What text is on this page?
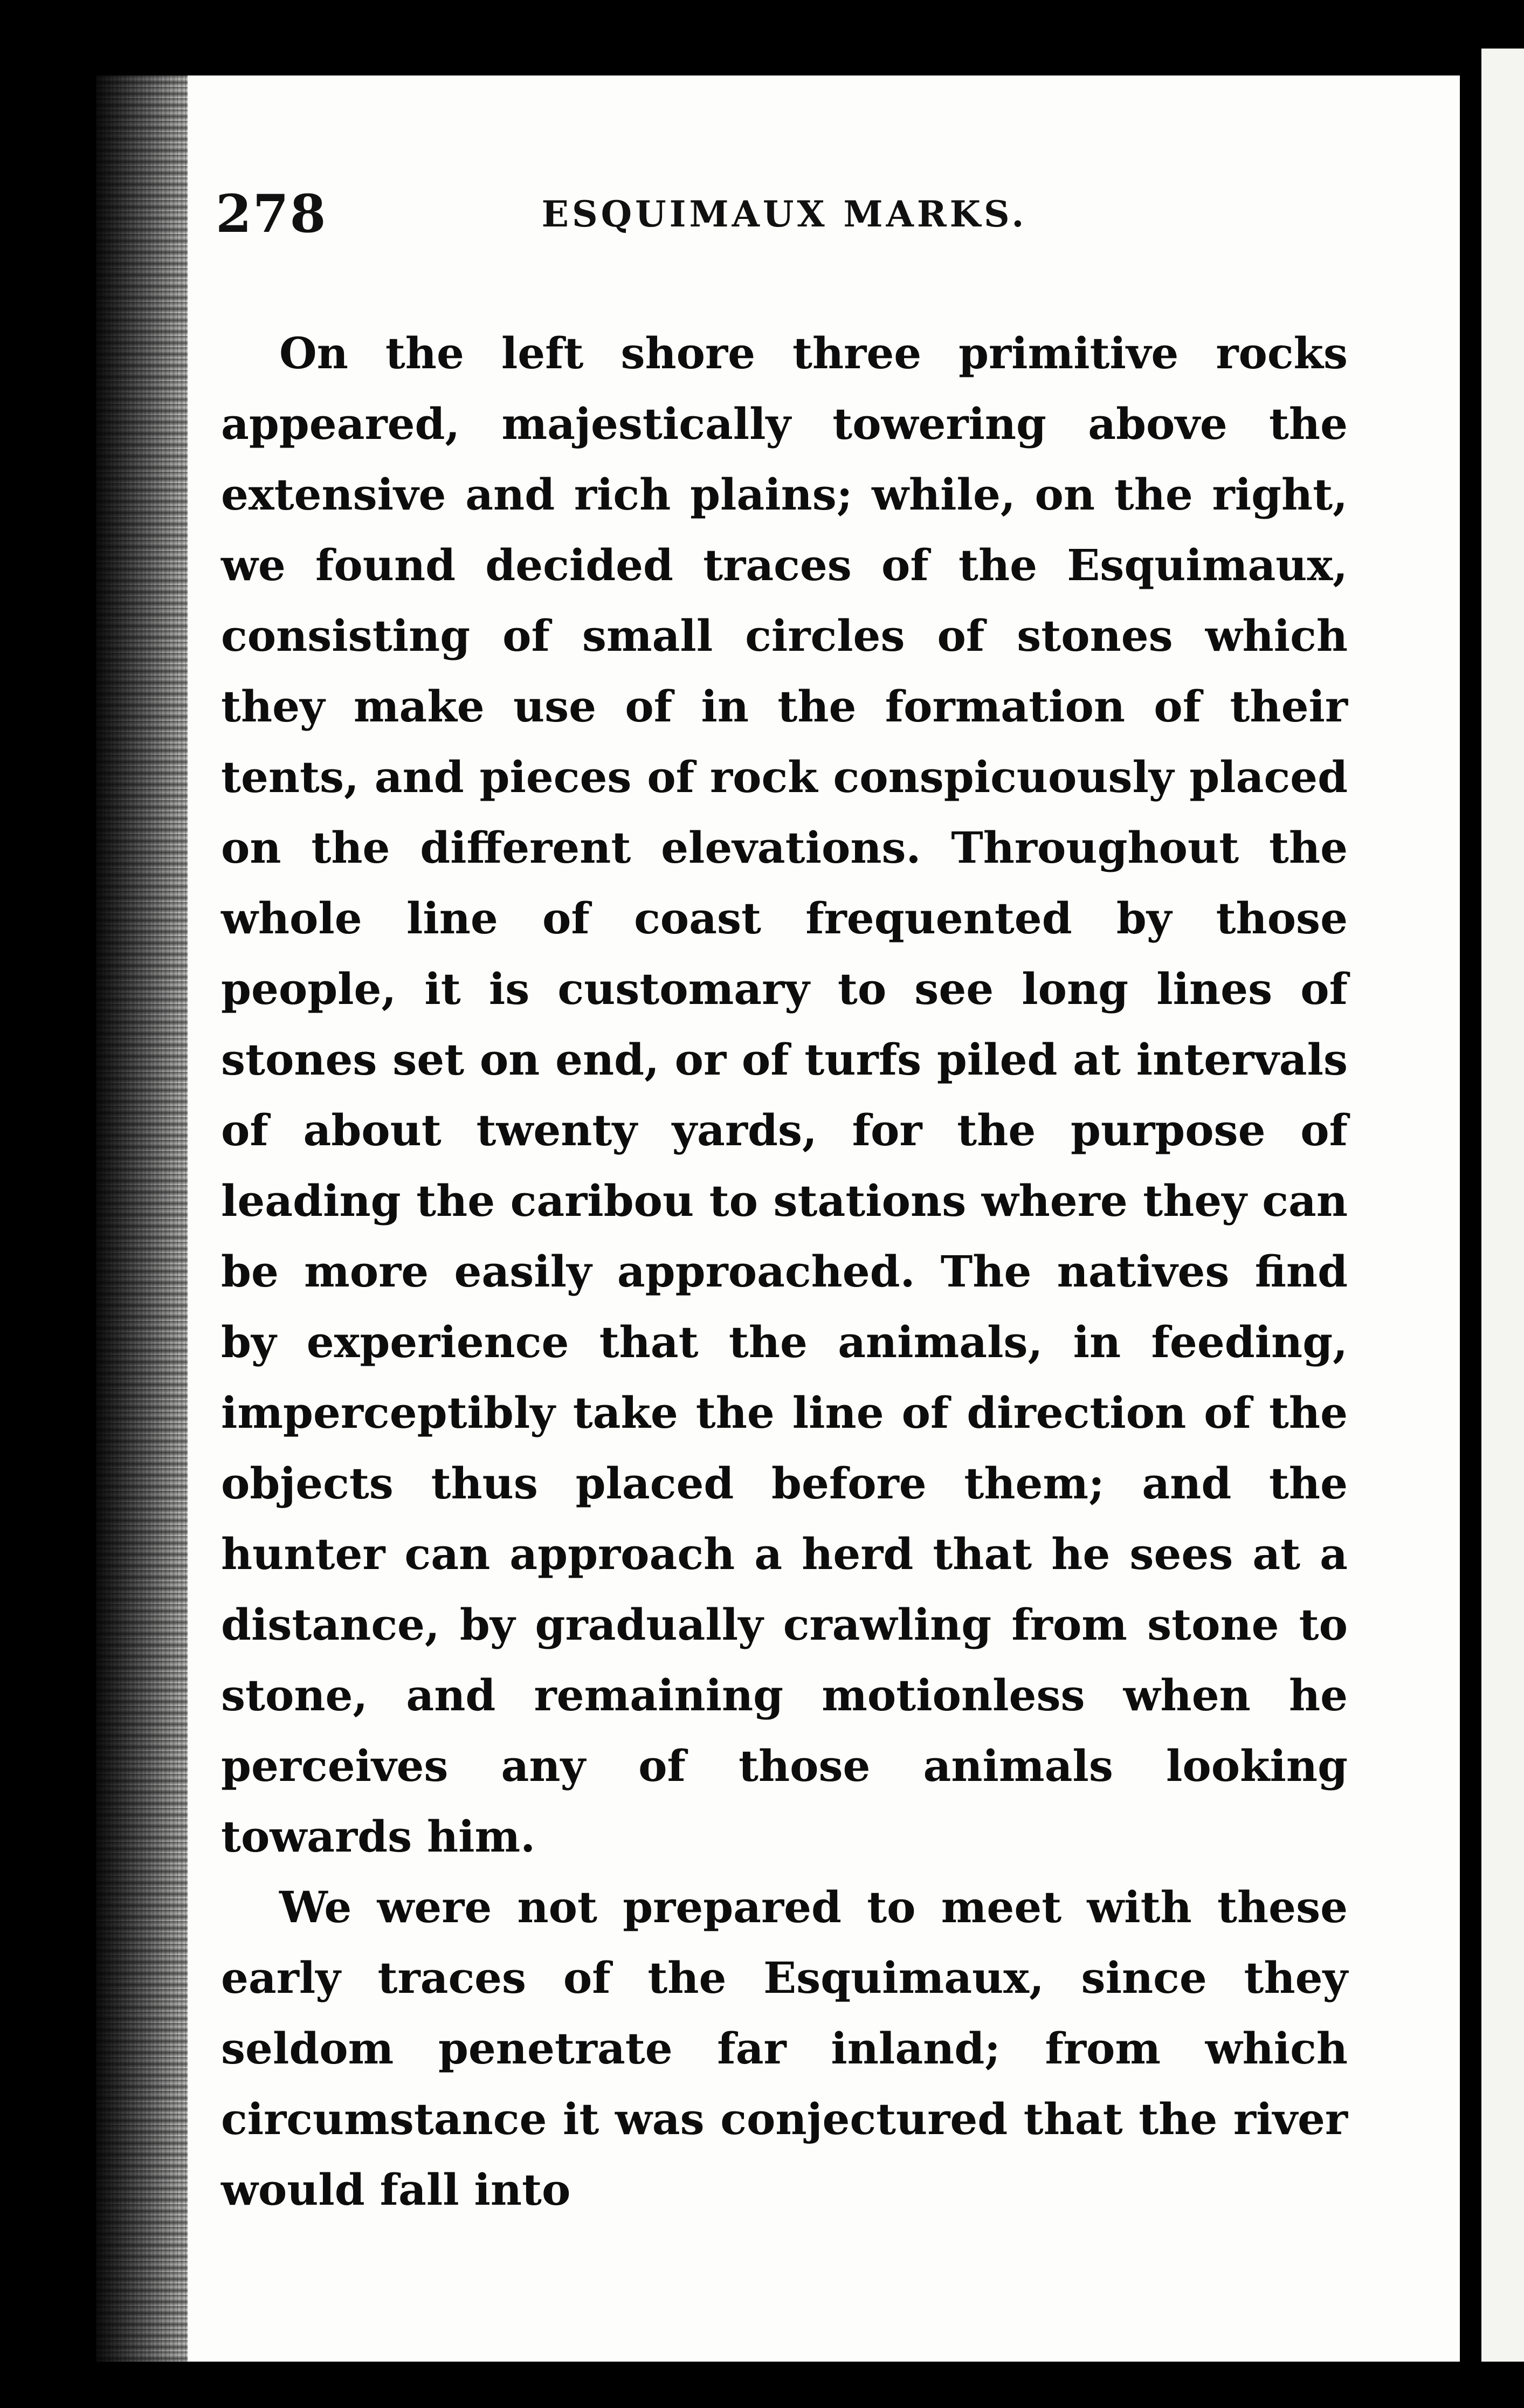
278	ESQUIMAUX MARKS.

On the left shore three primitive rocks appeared, majestically towering above the extensive and rich plains; while, on the right, we found decided traces of the Esquimaux, consisting of small circles of stones which they make use of in the formation of their tents, and pieces of rock conspicuously placed on the different elevations. Throughout the whole line of coast frequented by those people, it is customary to see long lines of stones set on end, or of turfs piled at intervals of about twenty yards, for the purpose of leading the caribou to stations where they can be more easily approached. The natives find by experience that the animals, in feeding, imperceptibly take the line of direction of the objects thus placed before them; and the hunter can approach a herd that he sees at a distance, by gradually crawling from stone to stone, and remaining motionless when he perceives any of those animals looking towards him.

We were not prepared to meet with these early traces of the Esquimaux, since they seldom penetrate far inland; from which circumstance it was conjectured that the river would fall into
